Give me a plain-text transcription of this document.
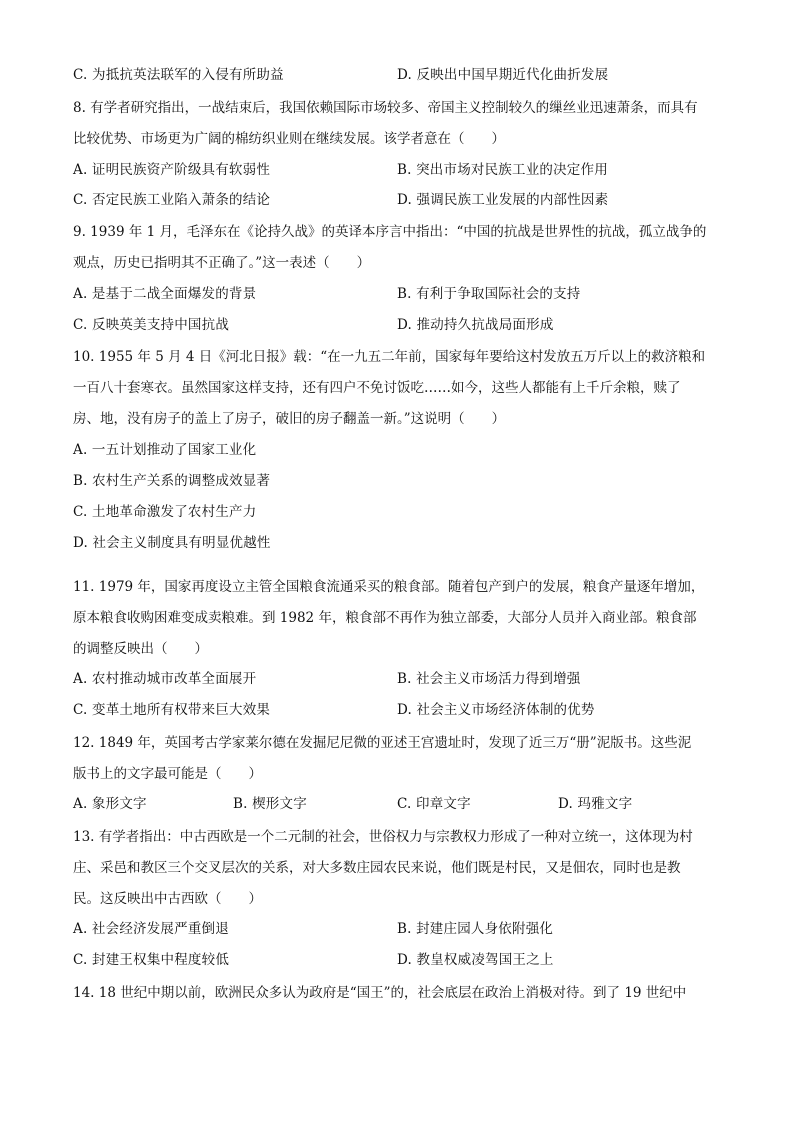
C. 为抵抗英法联军的入侵有所助益	D. 反映出中国早期近代化曲折发展
8. 有学者研究指出，一战结束后，我国依赖国际市场较多、帝国主义控制较久的缫丝业迅速萧条，而具有
比较优势、市场更为广阔的棉纺织业则在继续发展。该学者意在（　　）
A. 证明民族资产阶级具有软弱性	B. 突出市场对民族工业的决定作用
C. 否定民族工业陷入萧条的结论	D. 强调民族工业发展的内部性因素
9. 1939 年 1 月，毛泽东在《论持久战》的英译本序言中指出：“中国的抗战是世界性的抗战，孤立战争的
观点，历史已指明其不正确了。”这一表述（　　）
A. 是基于二战全面爆发的背景	B. 有利于争取国际社会的支持
C. 反映英美支持中国抗战	D. 推动持久抗战局面形成
10. 1955 年 5 月 4 日《河北日报》载：“在一九五二年前，国家每年要给这村发放五万斤以上的救济粮和
一百八十套寒衣。虽然国家这样支持，还有四户不免讨饭吃……如今，这些人都能有上千斤余粮，赎了
房、地，没有房子的盖上了房子，破旧的房子翻盖一新。”这说明（　　）
A. 一五计划推动了国家工业化
B. 农村生产关系的调整成效显著
C. 土地革命激发了农村生产力
D. 社会主义制度具有明显优越性
11. 1979 年，国家再度设立主管全国粮食流通采买的粮食部。随着包产到户的发展，粮食产量逐年增加，
原本粮食收购困难变成卖粮难。到 1982 年，粮食部不再作为独立部委，大部分人员并入商业部。粮食部
的调整反映出（　　）
A. 农村推动城市改革全面展开	B. 社会主义市场活力得到增强
C. 变革土地所有权带来巨大效果	D. 社会主义市场经济体制的优势
12. 1849 年，英国考古学家莱尔德在发掘尼尼微的亚述王宫遗址时，发现了近三万“册”泥版书。这些泥
版书上的文字最可能是（　　）
A. 象形文字	B. 楔形文字	C. 印章文字	D. 玛雅文字
13. 有学者指出：中古西欧是一个二元制的社会，世俗权力与宗教权力形成了一种对立统一，这体现为村
庄、采邑和教区三个交叉层次的关系，对大多数庄园农民来说，他们既是村民，又是佃农，同时也是教
民。这反映出中古西欧（　　）
A. 社会经济发展严重倒退	B. 封建庄园人身依附强化
C. 封建王权集中程度较低	D. 教皇权威凌驾国王之上
14. 18 世纪中期以前，欧洲民众多认为政府是“国王”的，社会底层在政治上消极对待。到了 19 世纪中
